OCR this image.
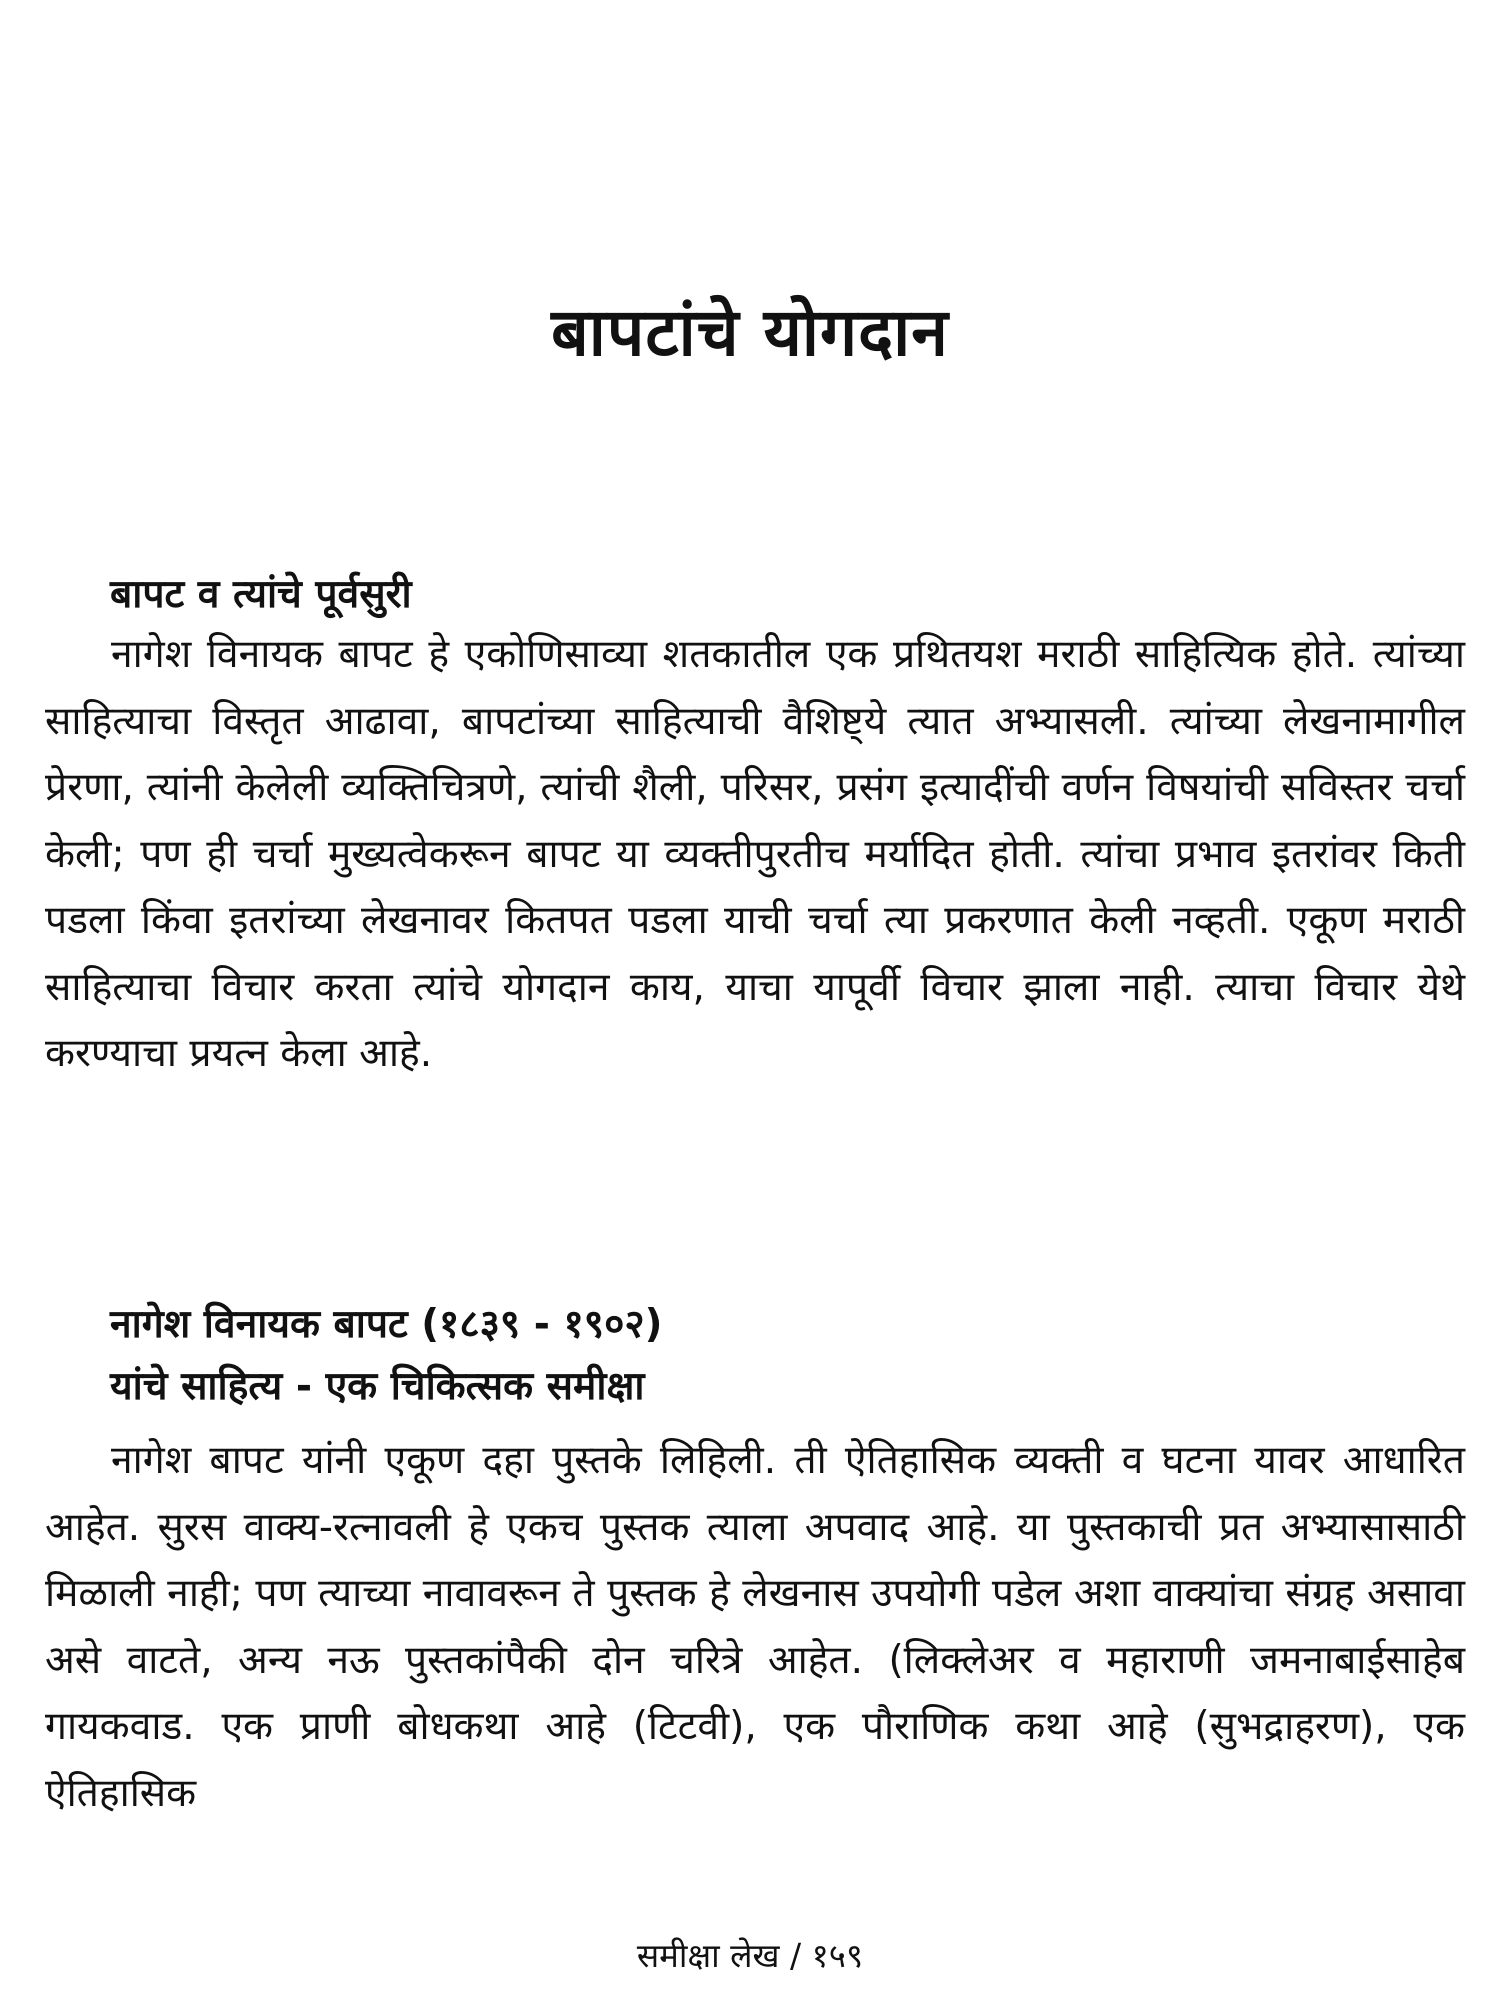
बापटांचे योगदान
बापट व त्यांचे पूर्वसुरी

नागेश विनायक बापट हे एकोणिसाव्या शतकातील एक प्रथितयश मराठी साहित्यिक होते. त्यांच्या साहित्याचा विस्तृत आढावा, बापटांच्या साहित्याची वैशिष्ट्ये त्यात अभ्यासली. त्यांच्या लेखनामागील प्रेरणा, त्यांनी केलेली व्यक्तिचित्रणे, त्यांची शैली, परिसर, प्रसंग इत्यादींची वर्णन विषयांची सविस्तर चर्चा केली; पण ही चर्चा मुख्यत्वेकरून बापट या व्यक्तीपुरतीच मर्यादित होती. त्यांचा प्रभाव इतरांवर किती पडला किंवा इतरांच्या लेखनावर कितपत पडला याची चर्चा त्या प्रकरणात केली नव्हती. एकूण मराठी साहित्याचा विचार करता त्यांचे योगदान काय, याचा यापूर्वी विचार झाला नाही. त्याचा विचार येथे करण्याचा प्रयत्न केला आहे.

नागेश विनायक बापट (१८३९ - १९०२)
यांचे साहित्य - एक चिकित्सक समीक्षा

नागेश बापट यांनी एकूण दहा पुस्तके लिहिली. ती ऐतिहासिक व्यक्ती व घटना यावर आधारित आहेत. सुरस वाक्य-रत्नावली हे एकच पुस्तक त्याला अपवाद आहे. या पुस्तकाची प्रत अभ्यासासाठी मिळाली नाही; पण त्याच्या नावावरून ते पुस्तक हे लेखनास उपयोगी पडेल अशा वाक्यांचा संग्रह असावा असे वाटते, अन्य नऊ पुस्तकांपैकी दोन चरित्रे आहेत. (लिक्लेअर व महाराणी जमनाबाईसाहेब गायकवाड. एक प्राणी बोधकथा आहे (टिटवी), एक पौराणिक कथा आहे (सुभद्राहरण), एक ऐतिहासिक

समीक्षा लेख / १५९
